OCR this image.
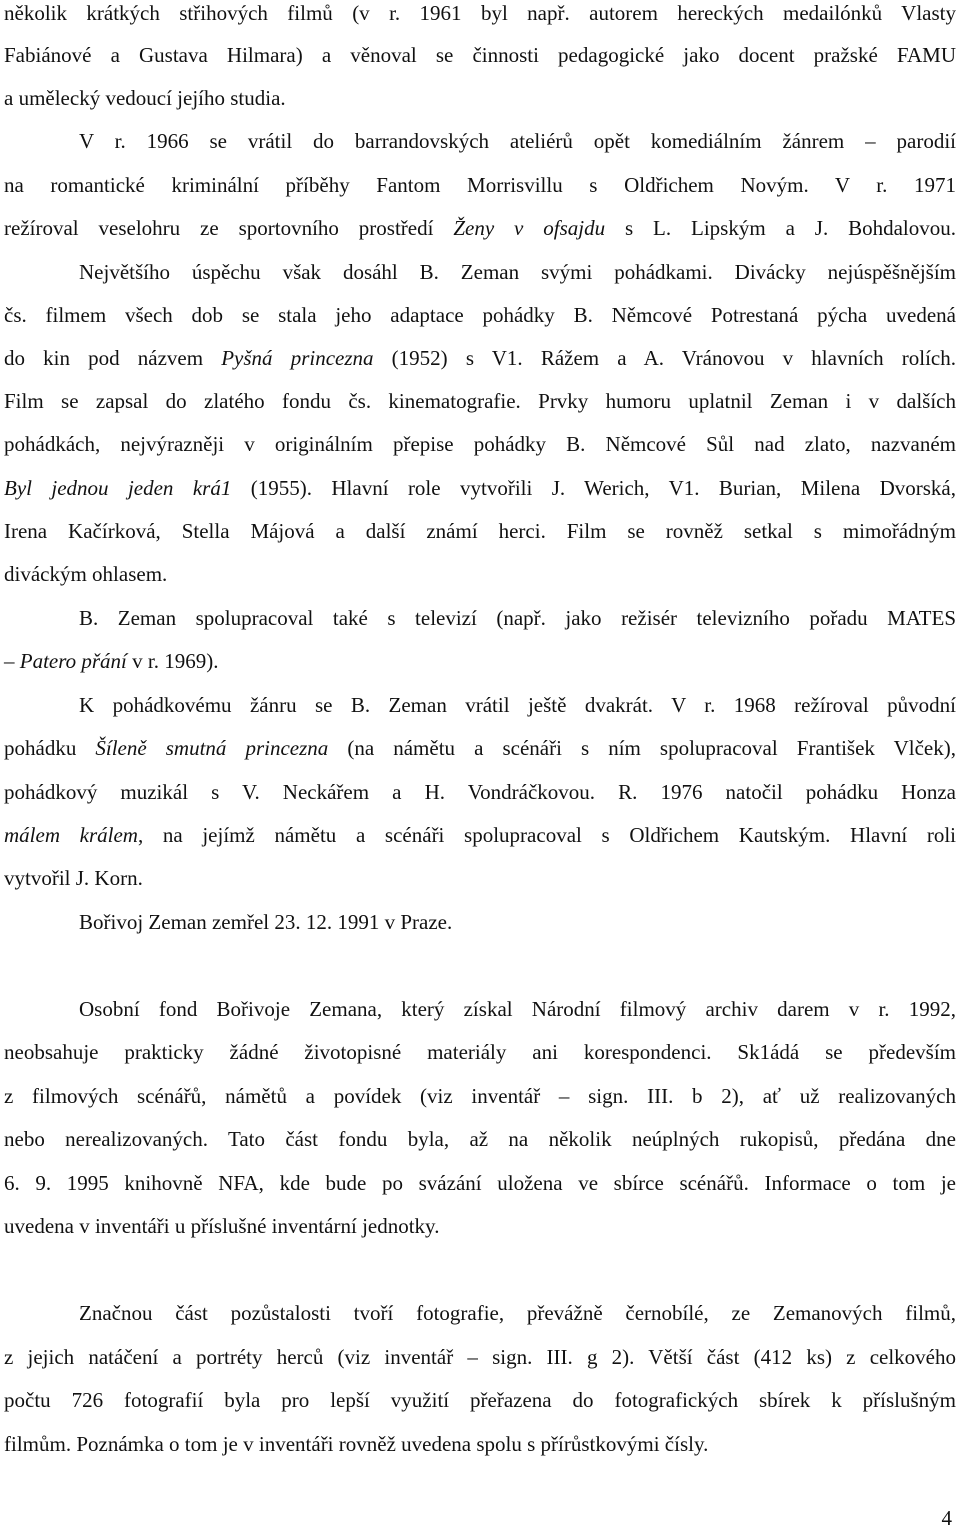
několik krátkých střihových filmů (v r. 1961 byl např. autorem hereckých medailónků Vlasty
Fabiánové a Gustava Hilmara) a věnoval se činnosti pedagogické jako docent pražské FAMU
a umělecký vedoucí jejího studia.
V r. 1966 se vrátil do barrandovských ateliérů opět komediálním žánrem – parodií
na romantické kriminální příběhy Fantom Morrisvillu s Oldřichem Novým. V r. 1971
režíroval veselohru ze sportovního prostředí Ženy v ofsajdu s L. Lipským a J. Bohdalovou.
Největšího úspěchu však dosáhl B. Zeman svými pohádkami. Divácky nejúspěšnějším
čs. filmem všech dob se stala jeho adaptace pohádky B. Němcové Potrestaná pýcha uvedená
do kin pod názvem Pyšná princezna (1952) s V1. Rážem a A. Vránovou v hlavních rolích.
Film se zapsal do zlatého fondu čs. kinematografie. Prvky humoru uplatnil Zeman i v dalších
pohádkách, nejvýrazněji v originálním přepise pohádky B. Němcové Sůl nad zlato, nazvaném
Byl jednou jeden krá1 (1955). Hlavní role vytvořili J. Werich, V1. Burian, Milena Dvorská,
Irena Kačírková, Stella Májová a další známí herci. Film se rovněž setkal s mimořádným
diváckým ohlasem.
B. Zeman spolupracoval také s televizí (např. jako režisér televizního pořadu MATES
– Patero přání v r. 1969).
K pohádkovému žánru se B. Zeman vrátil ještě dvakrát. V r. 1968 režíroval původní
pohádku Šíleně smutná princezna (na námětu a scénáři s ním spolupracoval František Vlček),
pohádkový muzikál s V. Neckářem a H. Vondráčkovou. R. 1976 natočil pohádku Honza
málem králem, na jejímž námětu a scénáři spolupracoval s Oldřichem Kautským. Hlavní roli
vytvořil J. Korn.
Bořivoj Zeman zemřel 23. 12. 1991 v Praze.
Osobní fond Bořivoje Zemana, který získal Národní filmový archiv darem v r. 1992,
neobsahuje prakticky žádné životopisné materiály ani korespondenci. Sk1ádá se především
z filmových scénářů, námětů a povídek (viz inventář – sign. III. b 2), ať už realizovaných
nebo nerealizovaných. Tato část fondu byla, až na několik neúplných rukopisů, předána dne
6. 9. 1995 knihovně NFA, kde bude po svázání uložena ve sbírce scénářů. Informace o tom je
uvedena v inventáři u příslušné inventární jednotky.
Značnou část pozůstalosti tvoří fotografie, převážně černobílé, ze Zemanových filmů,
z jejich natáčení a portréty herců (viz inventář – sign. III. g 2). Větší část (412 ks) z celkového
počtu 726 fotografií byla pro lepší využití přeřazena do fotografických sbírek k příslušným
filmům. Poznámka o tom je v inventáři rovněž uvedena spolu s přírůstkovými čísly.
4
